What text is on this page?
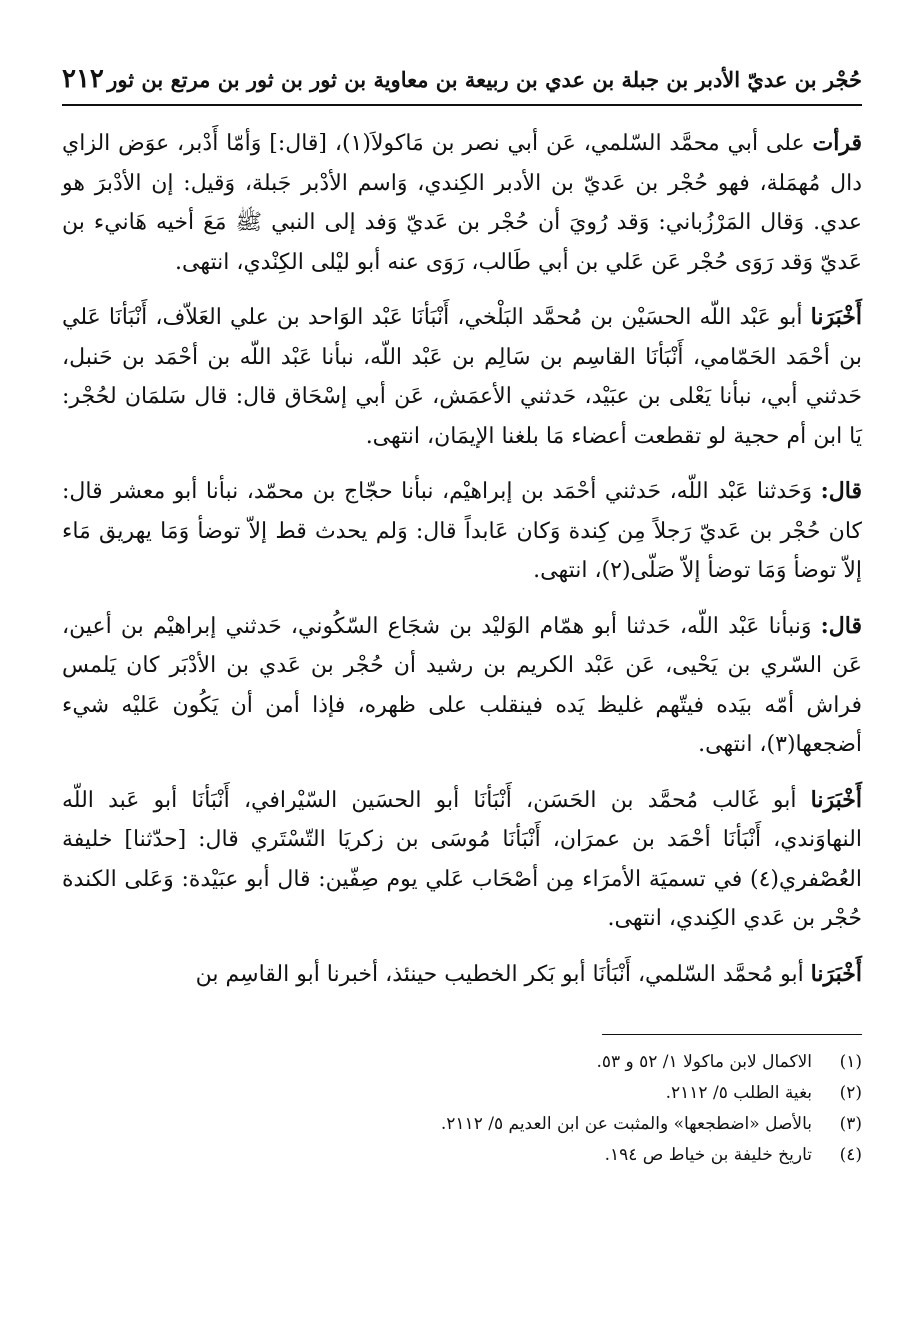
حُجْر بن عديّ الأدبر بن جبلة بن عدي بن ربيعة بن معاوية بن ثور بن ثور بن مرتع بن ثور
٢١٢

قرأت على أبي محمَّد السّلمي، عَن أبي نصر بن مَاكولاَ(١)، [قال:] وَأمّا أَدْبر، عوَض الزاي دال مُهمَلة، فهو حُجْر بن عَديّ بن الأدبر الكِندي، وَاسم الأدْبر جَبلة، وَقيل: إن الأدْبرَ هو عدي. وَقال المَرْزُباني: وَقد رُويَ أن حُجْر بن عَديّ وَفد إلى النبي ﷺ مَعَ أخيه هَانيء بن عَديّ وَقد رَوَى حُجْر عَن عَلي بن أبي طَالب، رَوَى عنه أبو ليْلى الكِنْدي، انتهى.

أَخْبَرَنا أبو عَبْد اللّه الحسَيْن بن مُحمَّد البَلْخي، أَنْبَأنَا عَبْد الوَاحد بن علي العَلاّف، أَنْبَأنَا عَلي بن أحْمَد الحَمّامي، أَنْبَأنَا القاسِم بن سَالِم بن عَبْد اللّه، نبأنا عَبْد اللّه بن أحْمَد بن حَنبل، حَدثني أبي، نبأنا يَعْلى بن عبَيْد، حَدثني الأعمَش، عَن أبي إسْحَاق قال: قال سَلمَان لحُجْر: يَا ابن أم حجية لو تقطعت أعضاء مَا بلغنا الإيمَان، انتهى.

قال: وَحَدثنا عَبْد اللّه، حَدثني أحْمَد بن إبراهيْم، نبأنا حجّاج بن محمّد، نبأنا أبو معشر قال: كان حُجْر بن عَديّ رَجلاً مِن كِندة وَكان عَابداً قال: وَلم يحدث قط إلاّ توضأ وَمَا يهريق مَاء إلاّ توضأ وَمَا توضأ إلاّ صَلّى(٢)، انتهى.

قال: وَنبأنا عَبْد اللّه، حَدثنا أبو همّام الوَليْد بن شجَاع السّكُوني، حَدثني إبراهيْم بن أعين، عَن السّري بن يَحْيى، عَن عَبْد الكريم بن رشيد أن حُجْر بن عَدي بن الأدْبَر كان يَلمس فراش أمّه بيَده فيتّهم غليظ يَده فينقلب على ظهره، فإذا أمن أن يَكُون عَليْه شيء أضجعها(٣)، انتهى.

أَخْبَرَنا أبو غَالب مُحمَّد بن الحَسَن، أَنْبَأنَا أبو الحسَين السّيْرافي، أَنْبَأنَا أبو عَبد اللّه النهاوَندي، أَنْبَأنَا أحْمَد بن عمرَان، أَنْبَأنَا مُوسَى بن زكريَا التّسْتَري قال: [حدّثنا] خليفة العُصْفري(٤) في تسميَة الأمرَاء مِن أصْحَاب عَلي يوم صِفّين: قال أبو عبَيْدة: وَعَلى الكندة حُجْر بن عَدي الكِندي، انتهى.

أَخْبَرَنا أبو مُحمَّد السّلمي، أَنْبَأنَا أبو بَكر الخطيب حينئذ، أخبرنا أبو القاسِم بن

(١)
الاكمال لابن ماكولا ١/ ٥٢ و ٥٣.
(٢)
بغية الطلب ٥/ ٢١١٢.
(٣)
بالأصل «اضطجعها» والمثبت عن ابن العديم ٥/ ٢١١٢.
(٤)
تاريخ خليفة بن خياط ص ١٩٤.
